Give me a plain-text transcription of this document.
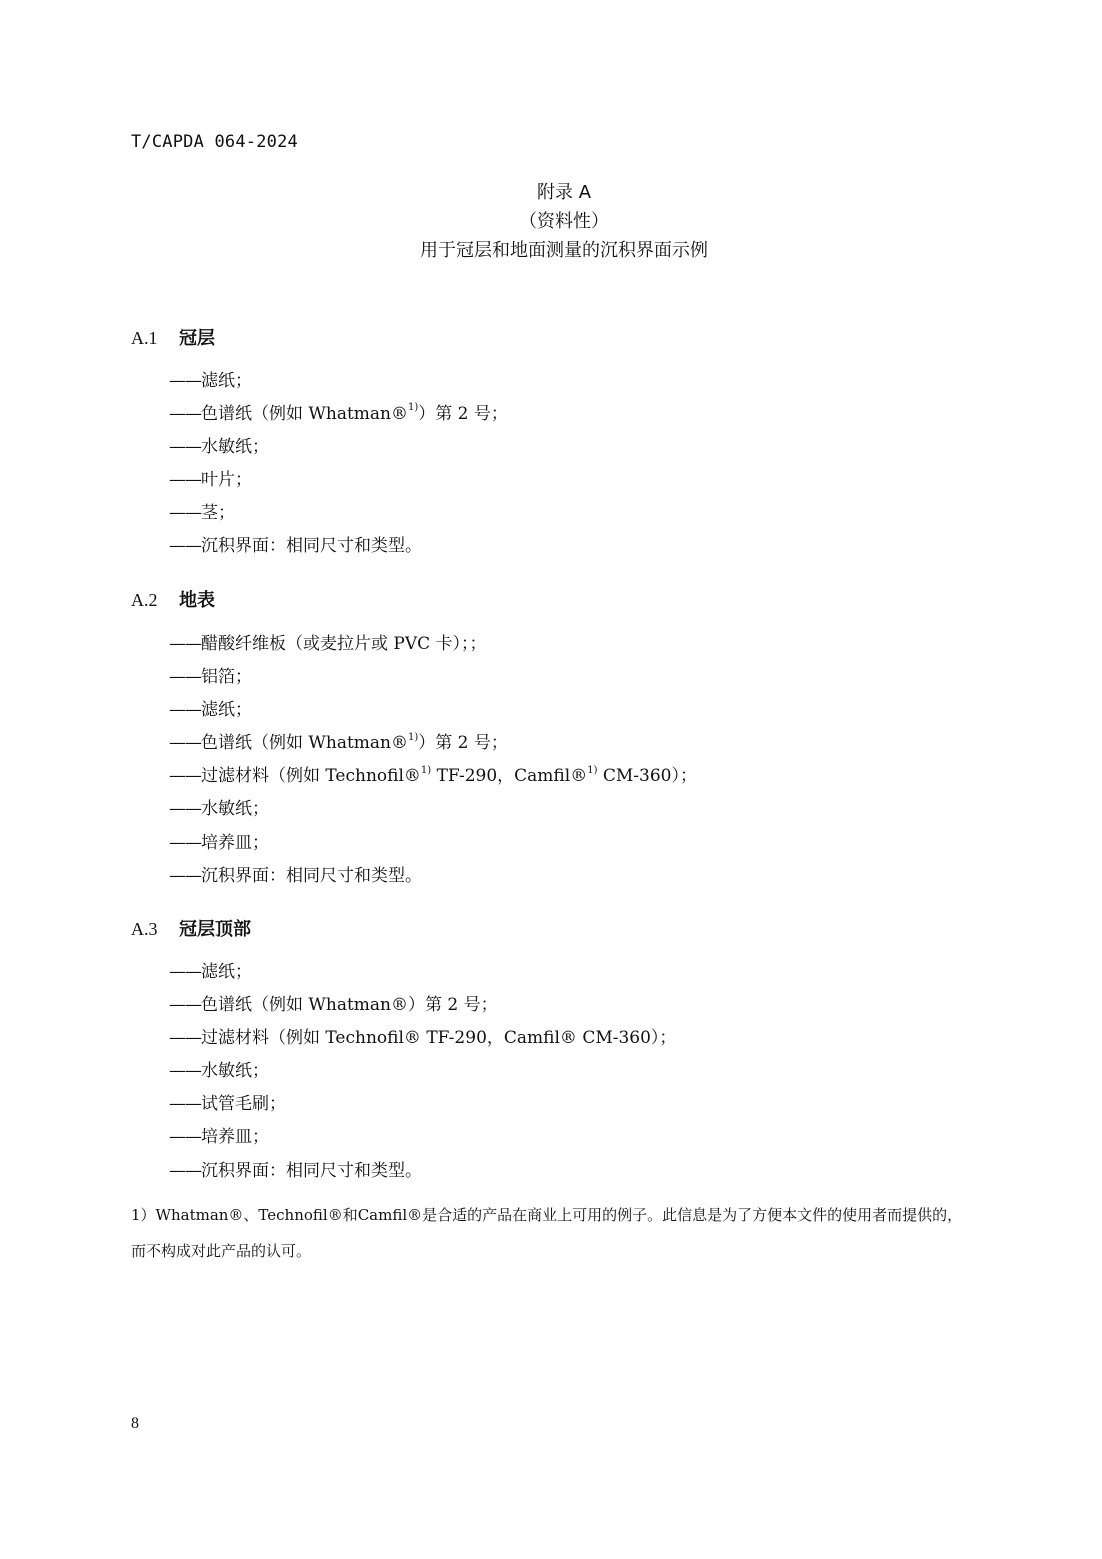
T/CAPDA 064-2024
附录 A
（资料性）
用于冠层和地面测量的沉积界面示例
A.1 冠层
——滤纸；
——色谱纸（例如 Whatman®$^{1)}$）第 2 号；
——水敏纸；
——叶片；
——茎；
——沉积界面：相同尺寸和类型。
A.2 地表
——醋酸纤维板（或麦拉片或 PVC 卡）；；
——铝箔；
——滤纸；
——色谱纸（例如 Whatman®$^{1)}$）第 2 号；
——过滤材料（例如 Technofil®$^{1)}$ TF-290，Camfil®$^{1)}$ CM-360）；
——水敏纸；
——培养皿；
——沉积界面：相同尺寸和类型。
A.3 冠层顶部
——滤纸；
——色谱纸（例如 Whatman®）第 2 号；
——过滤材料（例如 Technofil® TF-290，Camfil® CM-360）；
——水敏纸；
——试管毛刷；
——培养皿；
——沉积界面：相同尺寸和类型。
1）Whatman®、Technofil®和Camfil®是合适的产品在商业上可用的例子。此信息是为了方便本文件的使用者而提供的，
而不构成对此产品的认可。
8
